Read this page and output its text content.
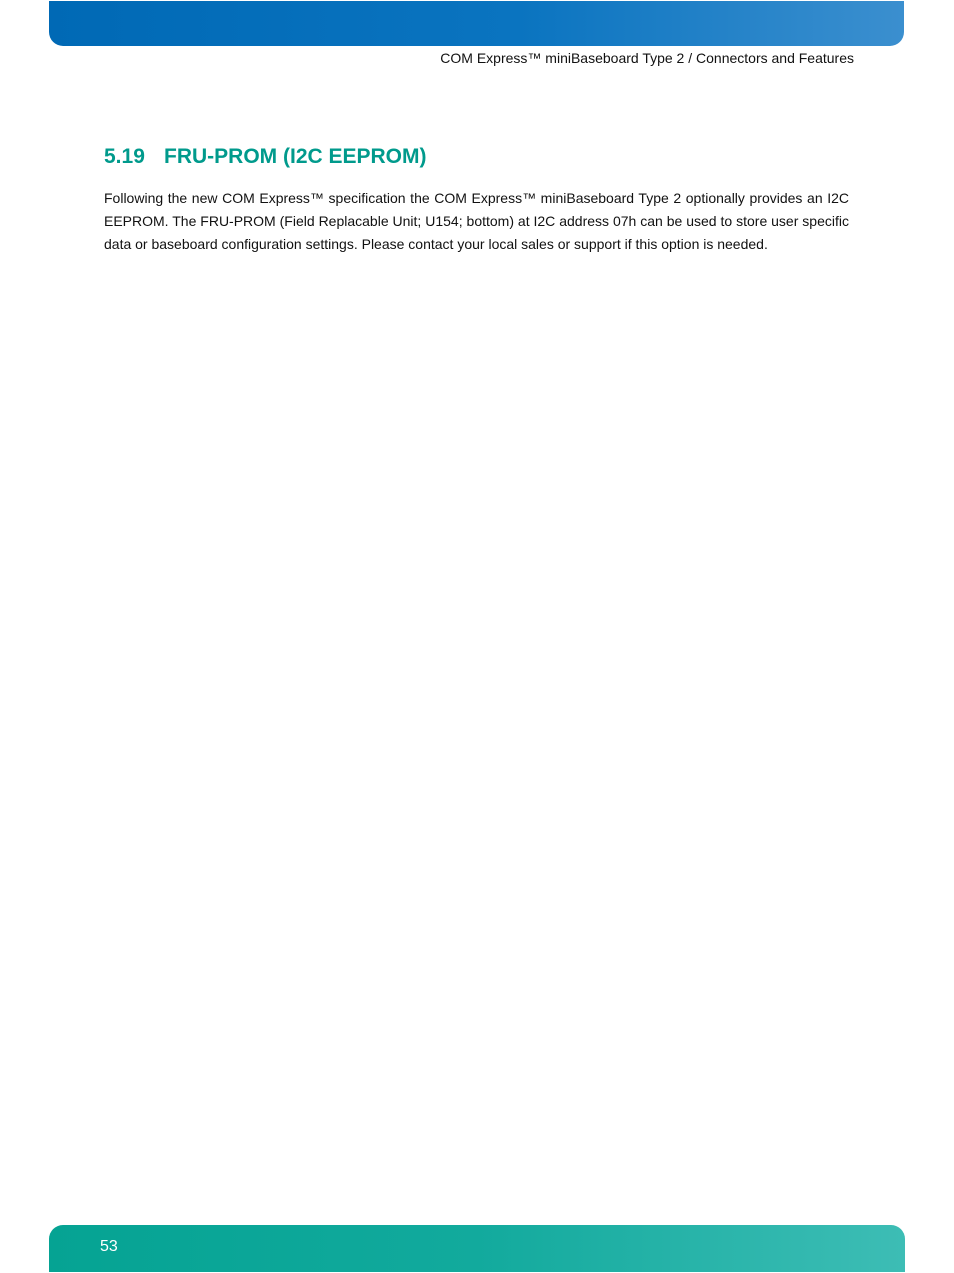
COM Express™ miniBaseboard Type 2 / Connectors and Features
5.19 FRU-PROM (I2C EEPROM)

Following the new COM Express™ specification the COM Express™ miniBaseboard Type 2 optionally provides an I2C EEPROM. The FRU-PROM (Field Replacable Unit; U154; bottom) at I2C address 07h can be used to store user specific data or baseboard configuration settings. Please contact your local sales or support if this option is needed.

53
